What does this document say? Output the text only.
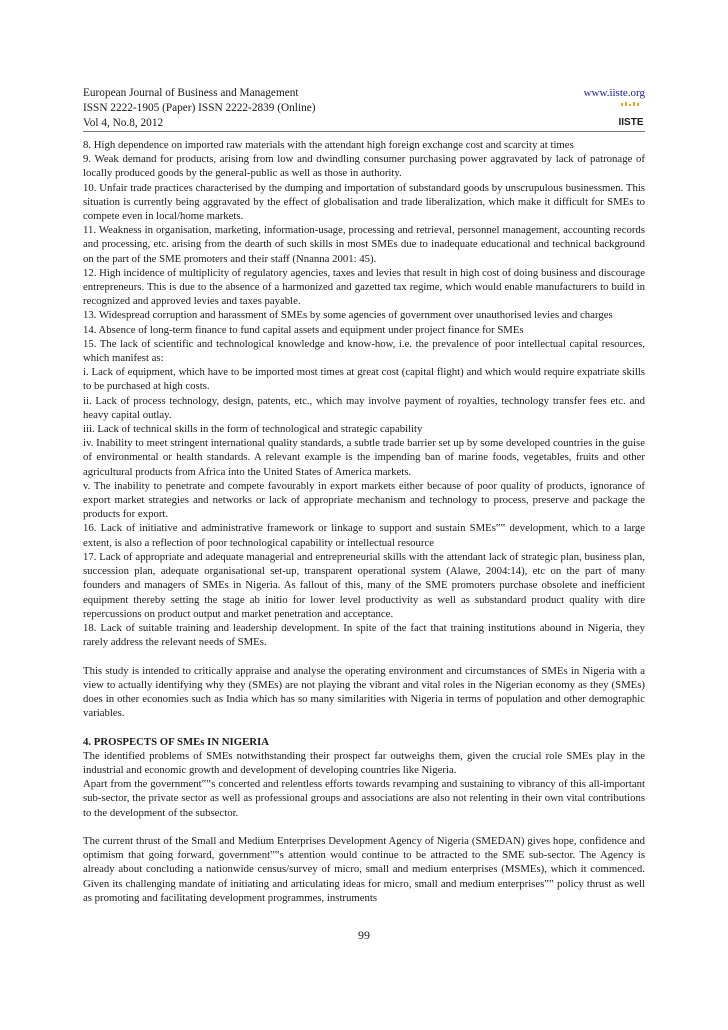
European Journal of Business and Management
ISSN 2222-1905 (Paper) ISSN 2222-2839 (Online)
Vol 4, No.8, 2012
www.iiste.org
IISTE

8. High dependence on imported raw materials with the attendant high foreign exchange cost and scarcity at times

9. Weak demand for products, arising from low and dwindling consumer purchasing power aggravated by lack of patronage of locally produced goods by the general-public as well as those in authority.

10. Unfair trade practices characterised by the dumping and importation of substandard goods by unscrupulous businessmen. This situation is currently being aggravated by the effect of globalisation and trade liberalization, which make it difficult for SMEs to compete even in local/home markets.

11. Weakness in organisation, marketing, information-usage, processing and retrieval, personnel management, accounting records and processing, etc. arising from the dearth of such skills in most SMEs due to inadequate educational and technical background on the part of the SME promoters and their staff (Nnanna 2001: 45).

12. High incidence of multiplicity of regulatory agencies, taxes and levies that result in high cost of doing business and discourage entrepreneurs. This is due to the absence of a harmonized and gazetted tax regime, which would enable manufacturers to build in recognized and approved levies and taxes payable.

13. Widespread corruption and harassment of SMEs by some agencies of government over unauthorised levies and charges

14. Absence of long-term finance to fund capital assets and equipment under project finance for SMEs

15. The lack of scientific and technological knowledge and know-how, i.e. the prevalence of poor intellectual capital resources, which manifest as:

i. Lack of equipment, which have to be imported most times at great cost (capital flight) and which would require expatriate skills to be purchased at high costs.

ii. Lack of process technology, design, patents, etc., which may involve payment of royalties, technology transfer fees etc. and heavy capital outlay.

iii. Lack of technical skills in the form of technological and strategic capability

iv. Inability to meet stringent international quality standards, a subtle trade barrier set up by some developed countries in the guise of environmental or health standards. A relevant example is the impending ban of marine foods, vegetables, fruits and other agricultural products from Africa into the United States of America markets.

v. The inability to penetrate and compete favourably in export markets either because of poor quality of products, ignorance of export market strategies and networks or lack of appropriate mechanism and technology to process, preserve and package the products for export.

16. Lack of initiative and administrative framework or linkage to support and sustain SMEs‟‟ development, which to a large extent, is also a reflection of poor technological capability or intellectual resource

17. Lack of appropriate and adequate managerial and entrepreneurial skills with the attendant lack of strategic plan, business plan, succession plan, adequate organisational set-up, transparent operational system (Alawe, 2004:14), etc on the part of many founders and managers of SMEs in Nigeria. As fallout of this, many of the SME promoters purchase obsolete and inefficient equipment thereby setting the stage ab initio for lower level productivity as well as substandard product quality with dire repercussions on product output and market penetration and acceptance.

18. Lack of suitable training and leadership development. In spite of the fact that training institutions abound in Nigeria, they rarely address the relevant needs of SMEs.

This study is intended to critically appraise and analyse the operating environment and circumstances of SMEs in Nigeria with a view to actually identifying why they (SMEs) are not playing the vibrant and vital roles in the Nigerian economy as they (SMEs) does in other economies such as India which has so many similarities with Nigeria in terms of population and other demographic variables.

4. PROSPECTS OF SMEs IN NIGERIA

The identified problems of SMEs notwithstanding their prospect far outweighs them, given the crucial role SMEs play in the industrial and economic growth and development of developing countries like Nigeria.

Apart from the government‟‟s concerted and relentless efforts towards revamping and sustaining to vibrancy of this all-important sub-sector, the private sector as well as professional groups and associations are also not relenting in their own vital contributions to the development of the subsector.

The current thrust of the Small and Medium Enterprises Development Agency of Nigeria (SMEDAN) gives hope, confidence and optimism that going forward, government‟‟s attention would continue to be attracted to the SME sub-sector. The Agency is already about concluding a nationwide census/survey of micro, small and medium enterprises (MSMEs), which it commenced. Given its challenging mandate of initiating and articulating ideas for micro, small and medium enterprises‟‟ policy thrust as well as promoting and facilitating development programmes, instruments

99
